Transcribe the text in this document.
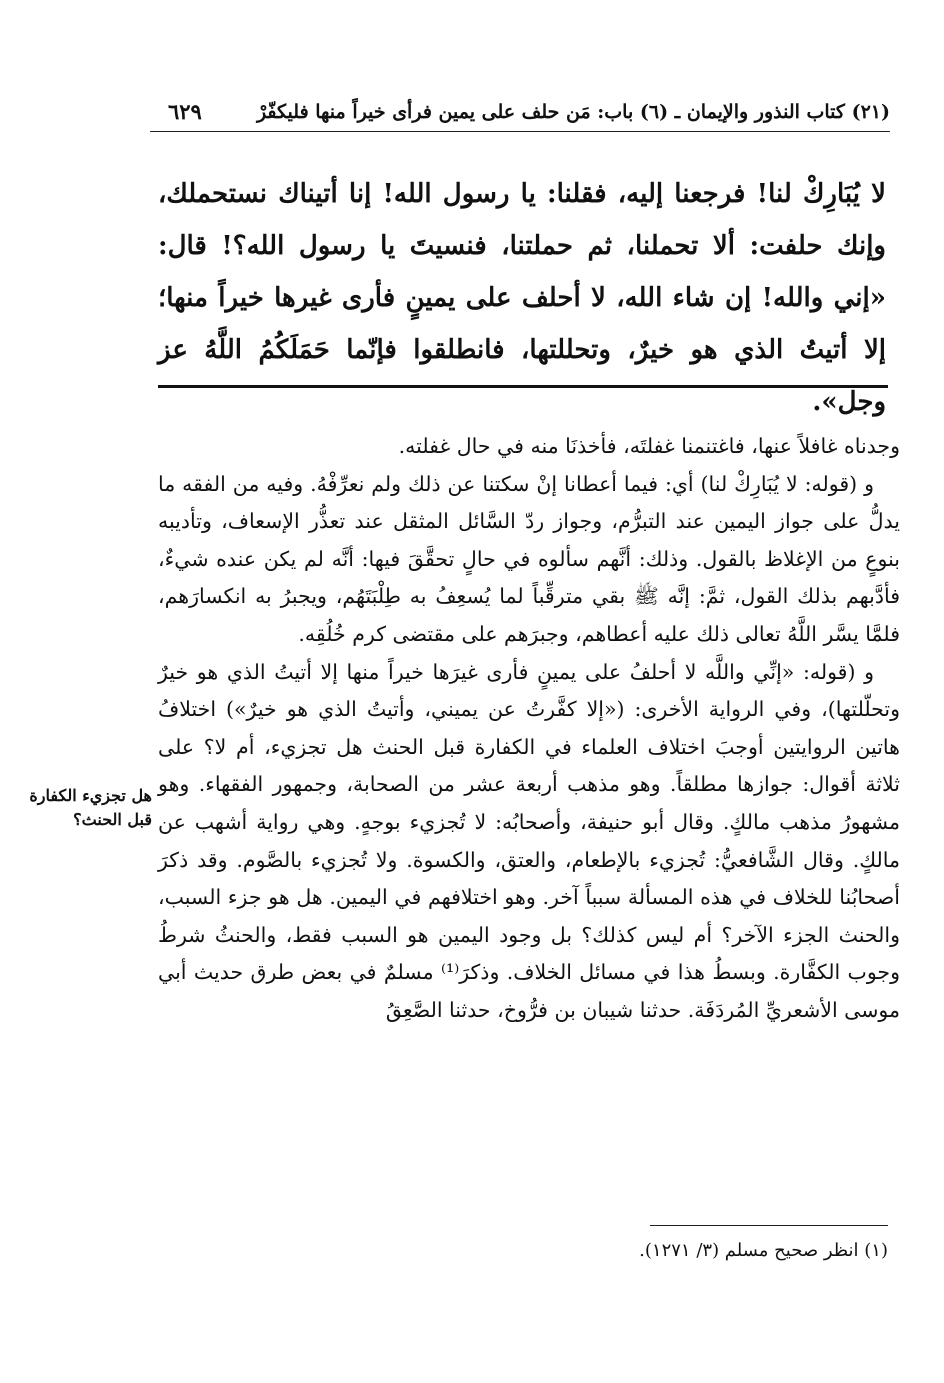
(٢١) كتاب النذور والإيمان ـ (٦) باب: مَن حلف على يمين فرأى خيراً منها فليكفّرْ
٦٢٩

لا يُبَارِكْ لنا! فرجعنا إليه، فقلنا: يا رسول الله! إنا أتيناك نستحملك، وإنك حلفت: ألا تحملنا، ثم حملتنا، فنسيتَ يا رسول الله؟! قال: «إني والله! إن شاء الله، لا أحلف على يمينٍ فأرى غيرها خيراً منها؛ إلا أتيتُ الذي هو خيرٌ، وتحللتها، فانطلقوا فإنّما حَمَلَكُمُ اللَّهُ عز وجل».

وجدناه غافلاً عنها، فاغتنمنا غفلتَه، فأخذنَا منه في حال غفلته.

و (قوله: لا يُبَارِكْ لنا) أي: فيما أعطانا إنْ سكتنا عن ذلك ولم نعرِّفْهُ. وفيه من الفقه ما يدلُّ على جواز اليمين عند التبرُّم، وجواز ردّ السَّائل المثقل عند تعذُّر الإسعاف، وتأديبه بنوعٍ من الإغلاظ بالقول. وذلك: أنَّهم سألوه في حالٍ تحقَّقَ فيها: أنَّه لم يكن عنده شيءٌ، فأدَّبهم بذلك القول، ثمَّ: إنَّه ﷺ بقي مترقِّباً لما يُسعِفُ به طِلْبَتَهُم، ويجبرُ به انكسارَهم، فلمَّا يسَّر اللَّهُ تعالى ذلك عليه أعطاهم، وجبرَهم على مقتضى كرم خُلُقِه.

و (قوله: «إنِّي واللَّه لا أحلفُ على يمينٍ فأرى غيرَها خيراً منها إلا أتيتُ الذي هو خيرٌ وتحلّلتها)، وفي الرواية الأخرى: («إلا كفَّرتُ عن يميني، وأتيتُ الذي هو خيرٌ») اختلافُ هاتين الروايتين أوجبَ اختلاف العلماء في الكفارة قبل الحنث هل تجزيء، أم لا؟ على ثلاثة أقوال: جوازها مطلقاً. وهو مذهب أربعة عشر من الصحابة، وجمهور الفقهاء. وهو مشهورُ مذهب مالكٍ. وقال أبو حنيفة، وأصحابُه: لا تُجزيء بوجهٍ. وهي رواية أشهب عن مالكٍ. وقال الشَّافعيُّ: تُجزيء بالإطعام، والعتق، والكسوة. ولا تُجزيء بالصَّوم. وقد ذكرَ أصحابُنا للخلاف في هذه المسألة سبباً آخر. وهو اختلافهم في اليمين. هل هو جزء السبب، والحنث الجزء الآخر؟ أم ليس كذلك؟ بل وجود اليمين هو السبب فقط، والحنثُ شرطُ وجوب الكفَّارة. وبسطُ هذا في مسائل الخلاف. وذكرَ⁽¹⁾ مسلمٌ في بعض طرق حديث أبي موسى الأشعريِّ المُردَفَة. حدثنا شيبان بن فرُّوخ، حدثنا الصَّعِقُ

هل تجزيء الكفارة قبل الحنث؟

(١) انظر صحيح مسلم (٣/ ١٢٧١).
